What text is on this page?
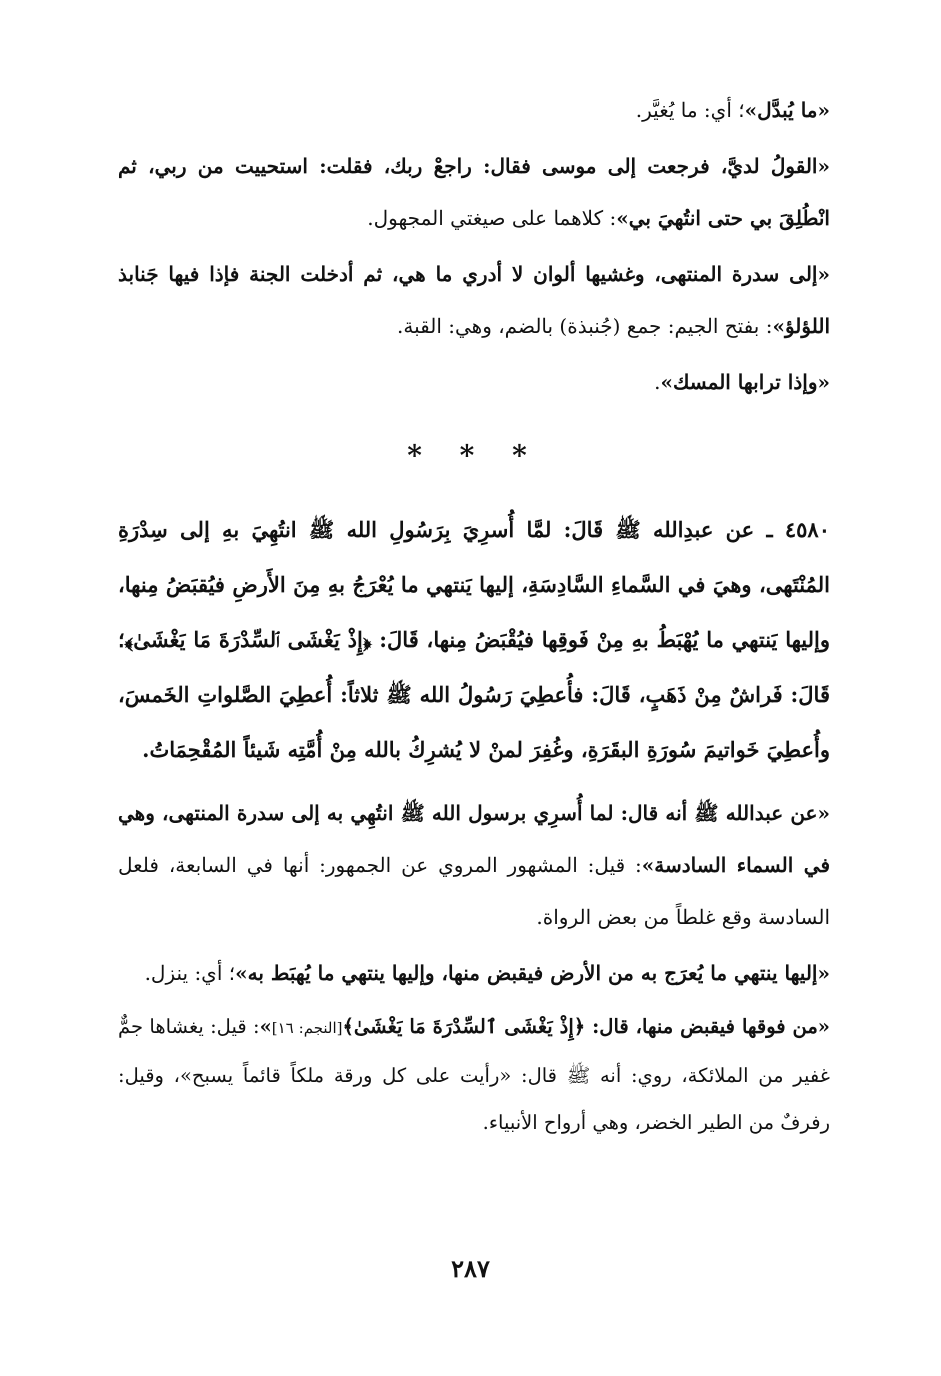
«ما يُبدَّل»؛ أي: ما يُغيَّر.

«القولُ لديَّ، فرجعت إلى موسى فقال: راجعْ ربك، فقلت: استحييت من ربي، ثم انْطُلِقَ بي حتى انتُهيَ بي»: كلاهما على صيغتي المجهول.

«إلى سدرة المنتهى، وغشيها ألوان لا أدري ما هي، ثم أدخلت الجنة فإذا فيها جَنابذ اللؤلؤ»: بفتح الجيم: جمع (جُنبذة) بالضم، وهي: القبة.

«وإذا ترابها المسك».

* * *

٤٥٨٠ ـ عن عبدِالله ﷺ قَالَ: لمَّا أُسرِيَ بِرَسُولِ الله ﷺ انتُهِيَ بهِ إلى سِدْرَةِ المُنْتَهى، وهيَ في السَّماءِ السَّادِسَةِ، إليها يَنتهي ما يُعْرَجُ بهِ مِنَ الأَرضِ فيُقبَضُ مِنها، وإليها يَنتهي ما يُهْبَطُ بهِ مِنْ فَوقِها فيُقْبَضُ مِنها، قَالَ: ﴿إِذْ يَغْشَى ٱلسِّدْرَةَ مَا يَغْشَىٰ﴾؛ قَالَ: فَراشٌ مِنْ ذَهَبٍ، قَالَ: فأُعطِيَ رَسُولُ الله ﷺ ثلاثاً: أُعطِيَ الصَّلواتِ الخَمسَ، وأُعطِيَ خَواتيمَ سُورَةِ البقَرَةِ، وغُفِرَ لمنْ لا يُشرِكُ بالله مِنْ أُمَّتِه شَيئاً المُقْحِمَاتُ.

«عن عبدالله ﷺ أنه قال: لما أُسرِي برسول الله ﷺ انتُهِي به إلى سدرة المنتهى، وهي في السماء السادسة»: قيل: المشهور المروي عن الجمهور: أنها في السابعة، فلعل السادسة وقع غلطاً من بعض الرواة.

«إليها ينتهي ما يُعرَج به من الأرض فيقبض منها، وإليها ينتهي ما يُهبَط به»؛ أي: ينزل.

«من فوقها فيقبض منها، قال: ﴿إِذْ يَغْشَى ٱلسِّدْرَةَ مَا يَغْشَىٰ﴾[النجم: ١٦]»: قيل: يغشاها جمٌّ غفير من الملائكة، روي: أنه ﷺ قال: «رأيت على كل ورقة ملكاً قائماً يسبح»، وقيل: رفرفٌ من الطير الخضر، وهي أرواح الأنبياء.

٢٨٧
